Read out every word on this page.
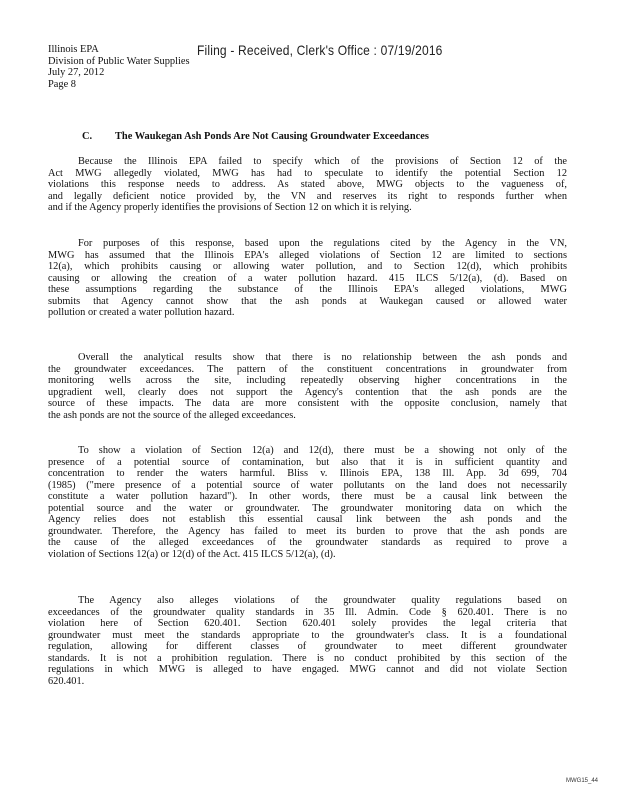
Illinois EPA
Division of Public Water Supplies
July 27, 2012
Page 8
Filing - Received, Clerk's Office : 07/19/2016
C. The Waukegan Ash Ponds Are Not Causing Groundwater Exceedances
Because the Illinois EPA failed to specify which of the provisions of Section 12 of the
Act MWG allegedly violated, MWG has had to speculate to identify the potential Section 12
violations this response needs to address. As stated above, MWG objects to the vagueness of,
and legally deficient notice provided by, the VN and reserves its right to responds further when
and if the Agency properly identifies the provisions of Section 12 on which it is relying.
For purposes of this response, based upon the regulations cited by the Agency in the VN,
MWG has assumed that the Illinois EPA's alleged violations of Section 12 are limited to sections
12(a), which prohibits causing or allowing water pollution, and to Section 12(d), which prohibits
causing or allowing the creation of a water pollution hazard. 415 ILCS 5/12(a), (d). Based on
these assumptions regarding the substance of the Illinois EPA's alleged violations, MWG
submits that Agency cannot show that the ash ponds at Waukegan caused or allowed water
pollution or created a water pollution hazard.
Overall the analytical results show that there is no relationship between the ash ponds and
the groundwater exceedances. The pattern of the constituent concentrations in groundwater from
monitoring wells across the site, including repeatedly observing higher concentrations in the
upgradient well, clearly does not support the Agency's contention that the ash ponds are the
source of these impacts. The data are more consistent with the opposite conclusion, namely that
the ash ponds are not the source of the alleged exceedances.
To show a violation of Section 12(a) and 12(d), there must be a showing not only of the
presence of a potential source of contamination, but also that it is in sufficient quantity and
concentration to render the waters harmful. Bliss v. Illinois EPA, 138 Ill. App. 3d 699, 704
(1985) ("mere presence of a potential source of water pollutants on the land does not necessarily
constitute a water pollution hazard"). In other words, there must be a causal link between the
potential source and the water or groundwater. The groundwater monitoring data on which the
Agency relies does not establish this essential causal link between the ash ponds and the
groundwater. Therefore, the Agency has failed to meet its burden to prove that the ash ponds are
the cause of the alleged exceedances of the groundwater standards as required to prove a
violation of Sections 12(a) or 12(d) of the Act. 415 ILCS 5/12(a), (d).
The Agency also alleges violations of the groundwater quality regulations based on
exceedances of the groundwater quality standards in 35 Ill. Admin. Code § 620.401. There is no
violation here of Section 620.401. Section 620.401 solely provides the legal criteria that
groundwater must meet the standards appropriate to the groundwater's class. It is a foundational
regulation, allowing for different classes of groundwater to meet different groundwater
standards. It is not a prohibition regulation. There is no conduct prohibited by this section of the
regulations in which MWG is alleged to have engaged. MWG cannot and did not violate Section
620.401.
MWG15_44
